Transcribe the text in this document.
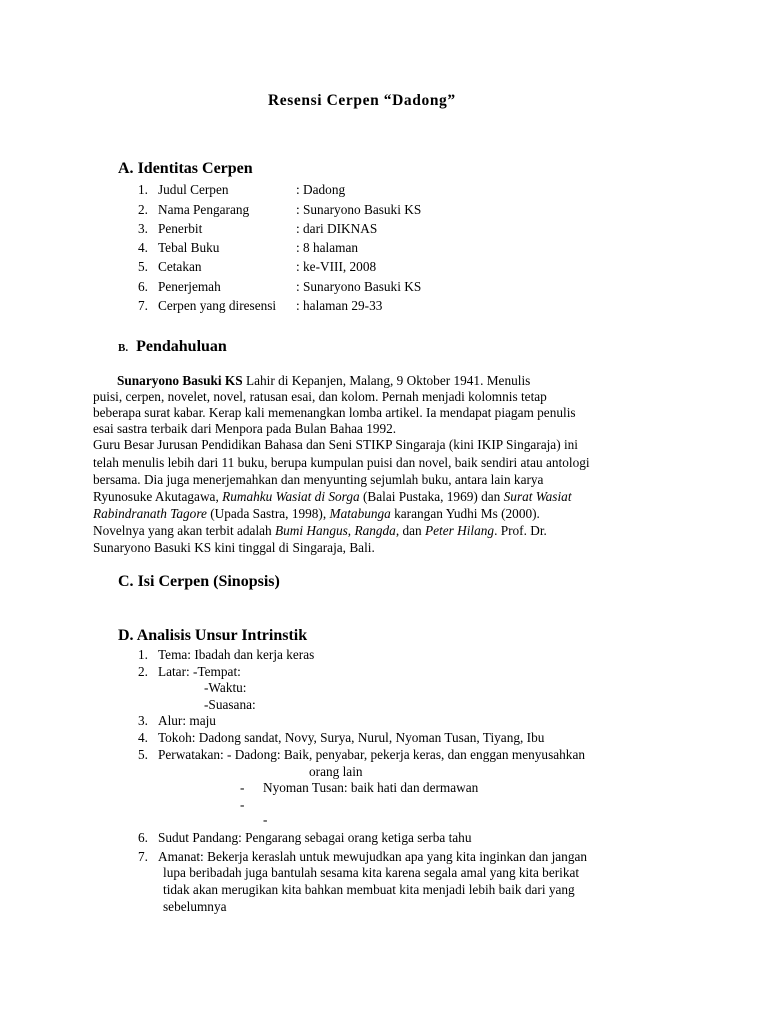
Resensi Cerpen “Dadong”
A. Identitas Cerpen
1. Judul Cerpen	: Dadong
2. Nama Pengarang	: Sunaryono Basuki KS
3. Penerbit	: dari DIKNAS
4. Tebal Buku	: 8 halaman
5. Cetakan	: ke-VIII, 2008
6. Penerjemah	: Sunaryono Basuki KS
7. Cerpen yang diresensi : halaman 29-33
B. Pendahuluan
Sunaryono Basuki KS Lahir di Kepanjen, Malang, 9 Oktober 1941. Menulis
puisi, cerpen, novelet, novel, ratusan esai, dan kolom. Pernah menjadi kolomnis tetap
beberapa surat kabar. Kerap kali memenangkan lomba artikel. Ia mendapat piagam penulis
esai sastra terbaik dari Menpora pada Bulan Bahaa 1992.
Guru Besar Jurusan Pendidikan Bahasa dan Seni STIKP Singaraja (kini IKIP Singaraja) ini
telah menulis lebih dari 11 buku, berupa kumpulan puisi dan novel, baik sendiri atau antologi
bersama. Dia juga menerjemahkan dan menyunting sejumlah buku, antara lain karya
Ryunosuke Akutagawa, Rumahku Wasiat di Sorga (Balai Pustaka, 1969) dan Surat Wasiat
Rabindranath Tagore (Upada Sastra, 1998), Matabunga karangan Yudhi Ms (2000).
Novelnya yang akan terbit adalah Bumi Hangus, Rangda, dan Peter Hilang. Prof. Dr.
Sunaryono Basuki KS kini tinggal di Singaraja, Bali.
C. Isi Cerpen (Sinopsis)
D. Analisis Unsur Intrinstik
1. Tema: Ibadah dan kerja keras
2. Latar: -Tempat:
-Waktu:
-Suasana:
3. Alur: maju
4. Tokoh: Dadong sandat, Novy, Surya, Nurul, Nyoman Tusan, Tiyang, Ibu
5. Perwatakan: - Dadong: Baik, penyabar, pekerja keras, dan enggan menyusahkan
orang lain
- Nyoman Tusan: baik hati dan dermawan
-
-
6. Sudut Pandang: Pengarang sebagai orang ketiga serba tahu
7. Amanat: Bekerja keraslah untuk mewujudkan apa yang kita inginkan dan jangan
lupa beribadah juga bantulah sesama kita karena segala amal yang kita berikat
tidak akan merugikan kita bahkan membuat kita menjadi lebih baik dari yang
sebelumnya
